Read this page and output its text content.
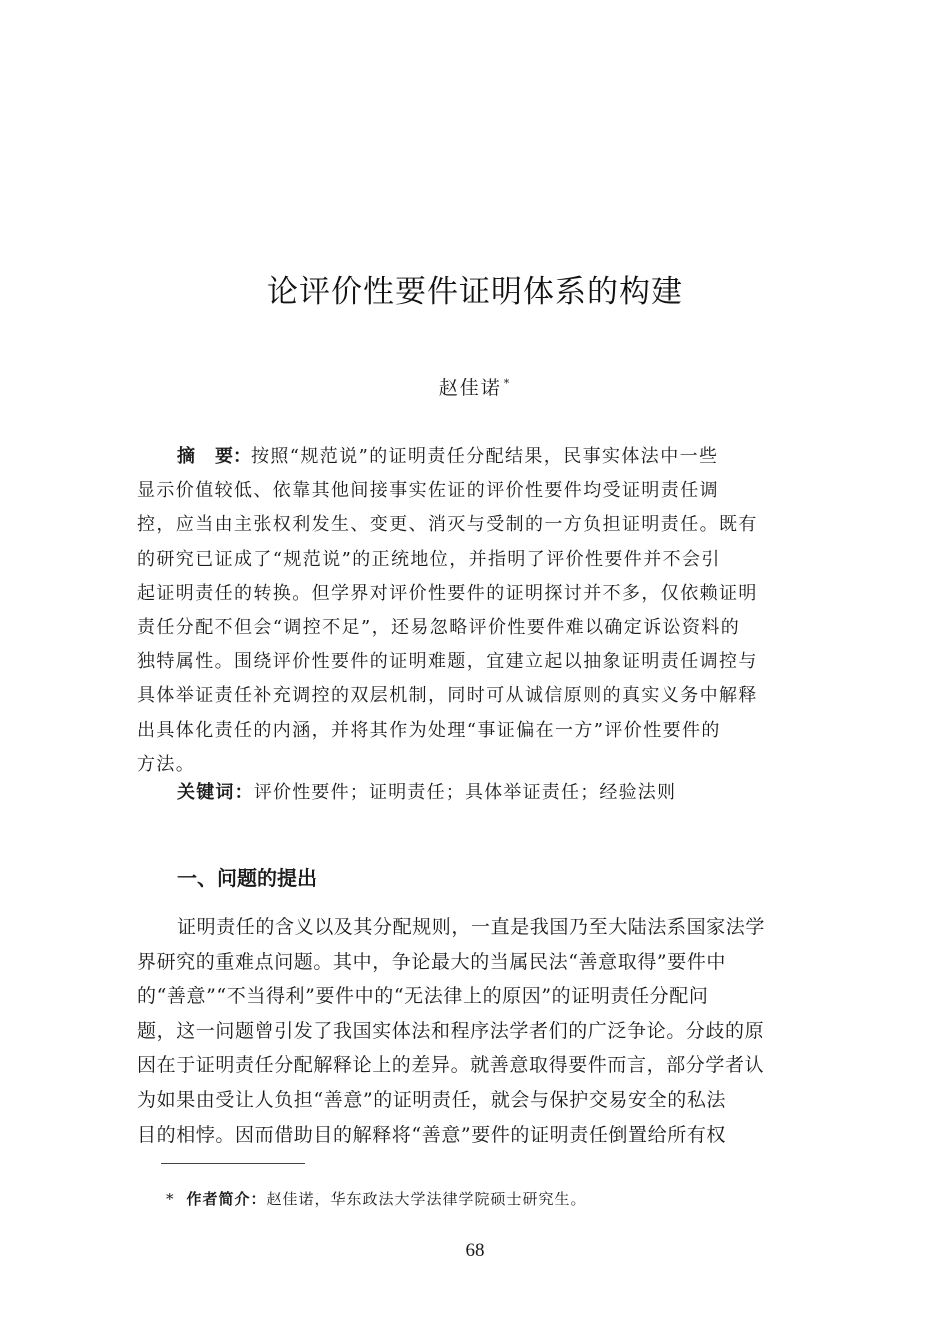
论评价性要件证明体系的构建
赵佳诺 *
摘 要：按照“规范说”的证明责任分配结果，民事实体法中一些
显示价值较低、依靠其他间接事实佐证的评价性要件均受证明责任调
控，应当由主张权利发生、变更、消灭与受制的一方负担证明责任。既有
的研究已证成了“规范说”的正统地位，并指明了评价性要件并不会引
起证明责任的转换。但学界对评价性要件的证明探讨并不多，仅依赖证明
责任分配不但会“调控不足”，还易忽略评价性要件难以确定诉讼资料的
独特属性。围绕评价性要件的证明难题，宜建立起以抽象证明责任调控与
具体举证责任补充调控的双层机制，同时可从诚信原则的真实义务中解释
出具体化责任的内涵，并将其作为处理“事证偏在一方”评价性要件的
方法。
关键词：评价性要件；证明责任；具体举证责任；经验法则
一、问题的提出
证明责任的含义以及其分配规则，一直是我国乃至大陆法系国家法学
界研究的重难点问题。其中，争论最大的当属民法“善意取得”要件中
的“善意”“不当得利”要件中的“无法律上的原因”的证明责任分配问
题，这一问题曾引发了我国实体法和程序法学者们的广泛争论。分歧的原
因在于证明责任分配解释论上的差异。就善意取得要件而言，部分学者认
为如果由受让人负担“善意”的证明责任，就会与保护交易安全的私法
目的相悖。因而借助目的解释将“善意”要件的证明责任倒置给所有权
* 作者简介：赵佳诺，华东政法大学法律学院硕士研究生。
68
